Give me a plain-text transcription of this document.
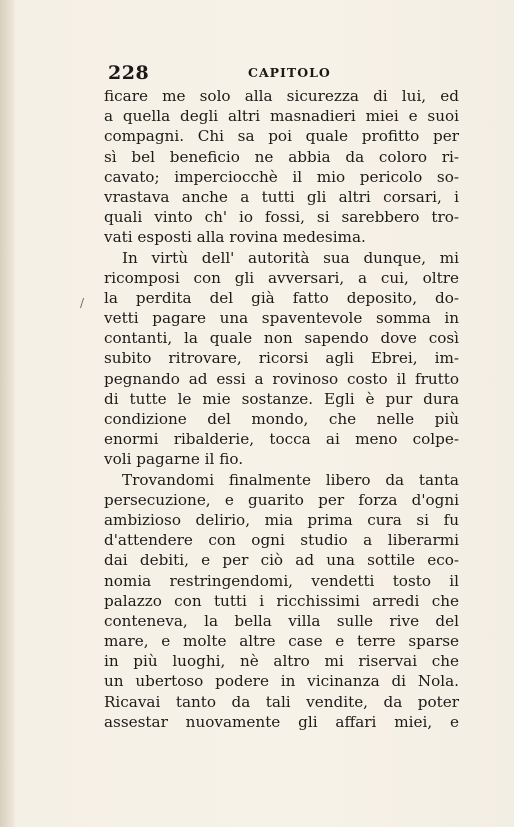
228	CAPITOLO
/
ficare me solo alla sicurezza di lui, ed
a quella degli altri masnadieri miei e suoi
compagni. Chi sa poi quale profitto per
sì bel beneficio ne abbia da coloro ri-
cavato; imperciocchè il mio pericolo so-
vrastava anche a tutti gli altri corsari, i
quali vinto ch' io fossi, si sarebbero tro-
vati esposti alla rovina medesima.
In virtù dell' autorità sua dunque, mi
ricomposi con gli avversari, a cui, oltre
la perdita del già fatto deposito, do-
vetti pagare una spaventevole somma in
contanti, la quale non sapendo dove così
subito ritrovare, ricorsi agli Ebrei, im-
pegnando ad essi a rovinoso costo il frutto
di tutte le mie sostanze. Egli è pur dura
condizione del mondo, che nelle più
enormi ribalderie, tocca ai meno colpe-
voli pagarne il fio.
Trovandomi finalmente libero da tanta
persecuzione, e guarito per forza d'ogni
ambizioso delirio, mia prima cura si fu
d'attendere con ogni studio a liberarmi
dai debiti, e per ciò ad una sottile eco-
nomia restringendomi, vendetti tosto il
palazzo con tutti i ricchissimi arredi che
conteneva, la bella villa sulle rive del
mare, e molte altre case e terre sparse
in più luoghi, nè altro mi riservai che
un ubertoso podere in vicinanza di Nola.
Ricavai tanto da tali vendite, da poter
assestar nuovamente gli affari miei, e
